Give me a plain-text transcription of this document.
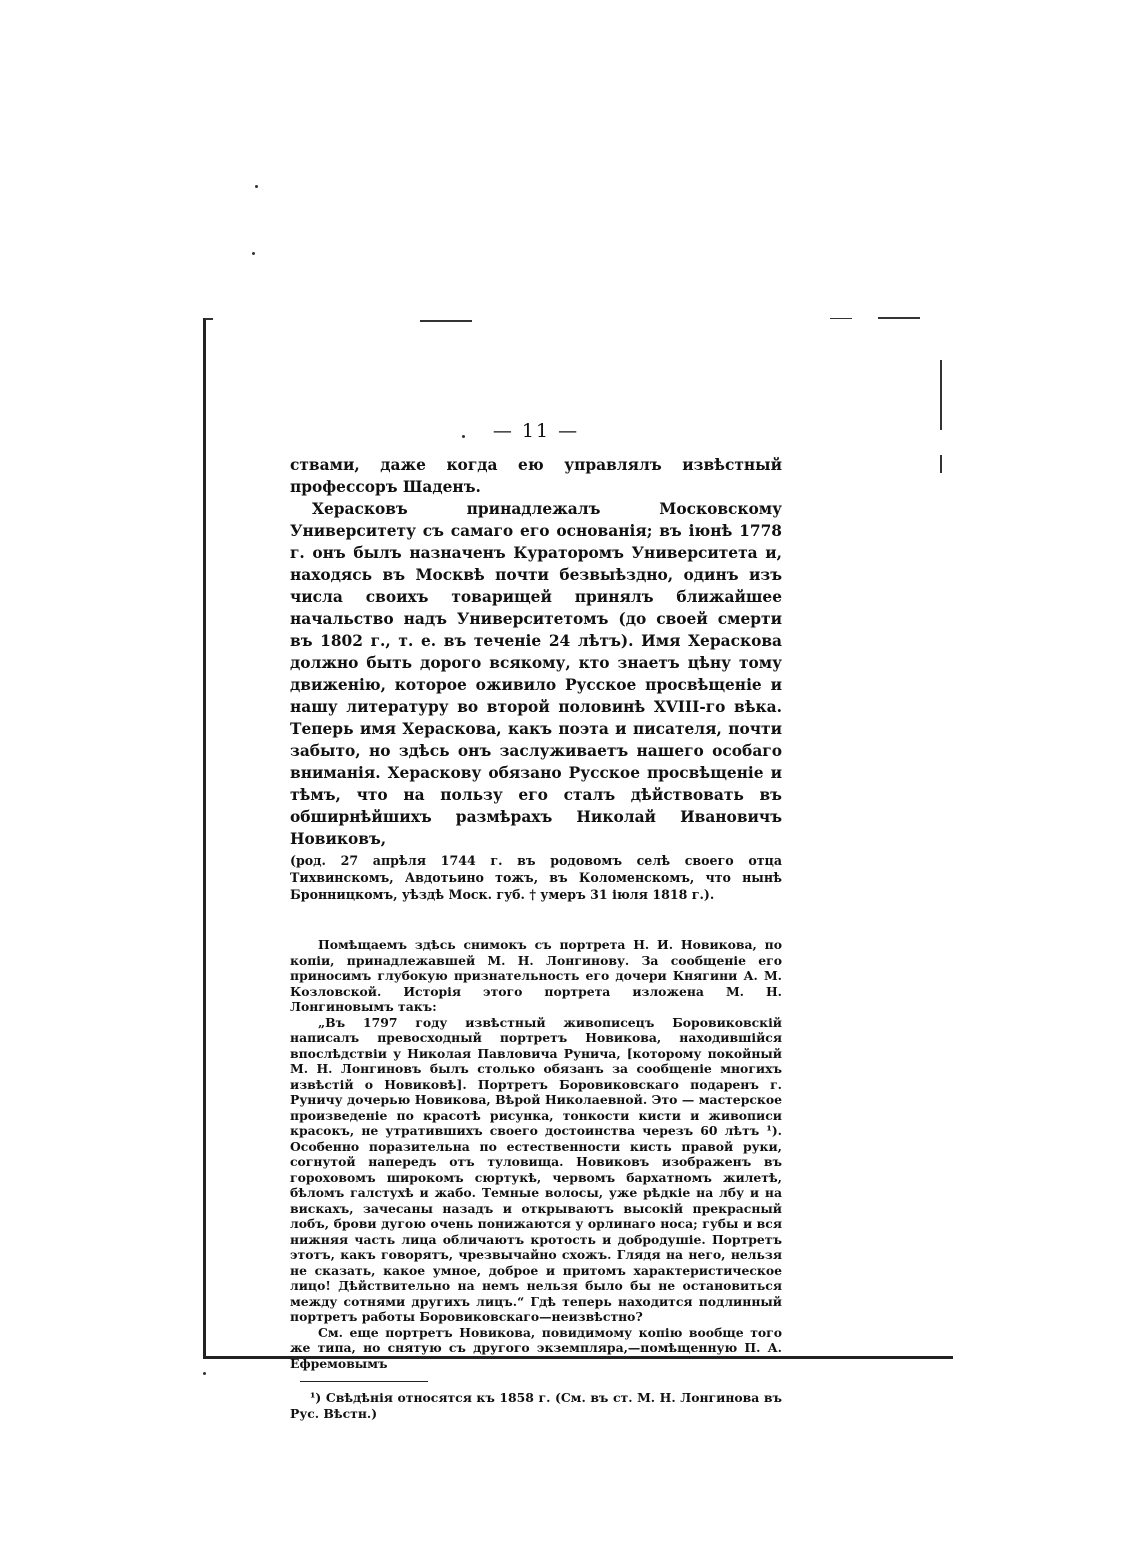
— 11 —

ствами, даже когда ею управлялъ извѣстный профессоръ Шаденъ.

Херасковъ принадлежалъ Московскому Университету съ самаго его основанія; въ іюнѣ 1778 г. онъ былъ назначенъ Кураторомъ Университета и, находясь въ Москвѣ почти безвыѣздно, одинъ изъ числа своихъ товарищей принялъ ближайшее начальство надъ Университетомъ (до своей смерти въ 1802 г., т. е. въ теченіе 24 лѣтъ). Имя Хераскова должно быть дорого всякому, кто знаетъ цѣну тому движенію, которое оживило Русское просвѣщеніе и нашу литературу во второй половинѣ XVIII-го вѣка. Теперь имя Хераскова, какъ поэта и писателя, почти забыто, но здѣсь онъ заслуживаетъ нашего особаго вниманія. Хераскову обязано Русское просвѣщеніе и тѣмъ, что на пользу его сталъ дѣйствовать въ обширнѣйшихъ размѣрахъ Николай Ивановичъ Новиковъ,

(род. 27 апрѣля 1744 г. въ родовомъ селѣ своего отца Тихвинскомъ, Авдотьино тожъ, въ Коломенскомъ, что нынѣ Бронницкомъ, уѣздѣ Моск. губ. † умеръ 31 іюля 1818 г.).

Помѣщаемъ здѣсь снимокъ съ портрета Н. И. Новикова, по копіи, принадлежавшей М. Н. Лонгинову. За сообщеніе его приносимъ глубокую признательность его дочери Княгини А. М. Козловской. Исторія этого портрета изложена М. Н. Лонгиновымъ такъ:

„Въ 1797 году извѣстный живописецъ Боровиковскій написалъ превосходный портретъ Новикова, находившійся впослѣдствіи у Николая Павловича Рунича, [которому покойный М. Н. Лонгиновъ былъ столько обязанъ за сообщеніе многихъ извѣстій о Новиковѣ]. Портретъ Боровиковскаго подаренъ г. Руничу дочерью Новикова, Вѣрой Николаевной. Это — мастерское произведеніе по красотѣ рисунка, тонкости кисти и живописи красокъ, не утратившихъ своего достоинства черезъ 60 лѣтъ ¹). Особенно поразительна по естественности кисть правой руки, согнутой напередъ отъ туловища. Новиковъ изображенъ въ гороховомъ широкомъ сюртукѣ, червомъ бархатномъ жилетѣ, бѣломъ галстухѣ и жабо. Темные волосы, уже рѣдкіе на лбу и на вискахъ, зачесаны назадъ и открываютъ высокій прекрасный лобъ, брови дугою очень понижаются у орлинаго носа; губы и вся нижняя часть лица обличаютъ кротость и добродушіе. Портретъ этотъ, какъ говорятъ, чрезвычайно схожъ. Глядя на него, нельзя не сказать, какое умное, доброе и притомъ характеристическое лицо! Дѣйствительно на немъ нельзя было бы не остановиться между сотнями другихъ лицъ.“ Гдѣ теперь находится подлинный портретъ работы Боровиковскаго—неизвѣстно?

См. еще портретъ Новикова, повидимому копію вообще того же типа, но снятую съ другого экземпляра,—помѣщенную П. А. Ефремовымъ

¹) Свѣдѣнія относятся къ 1858 г. (См. въ ст. М. Н. Лонгинова въ Рус. Вѣстн.)
